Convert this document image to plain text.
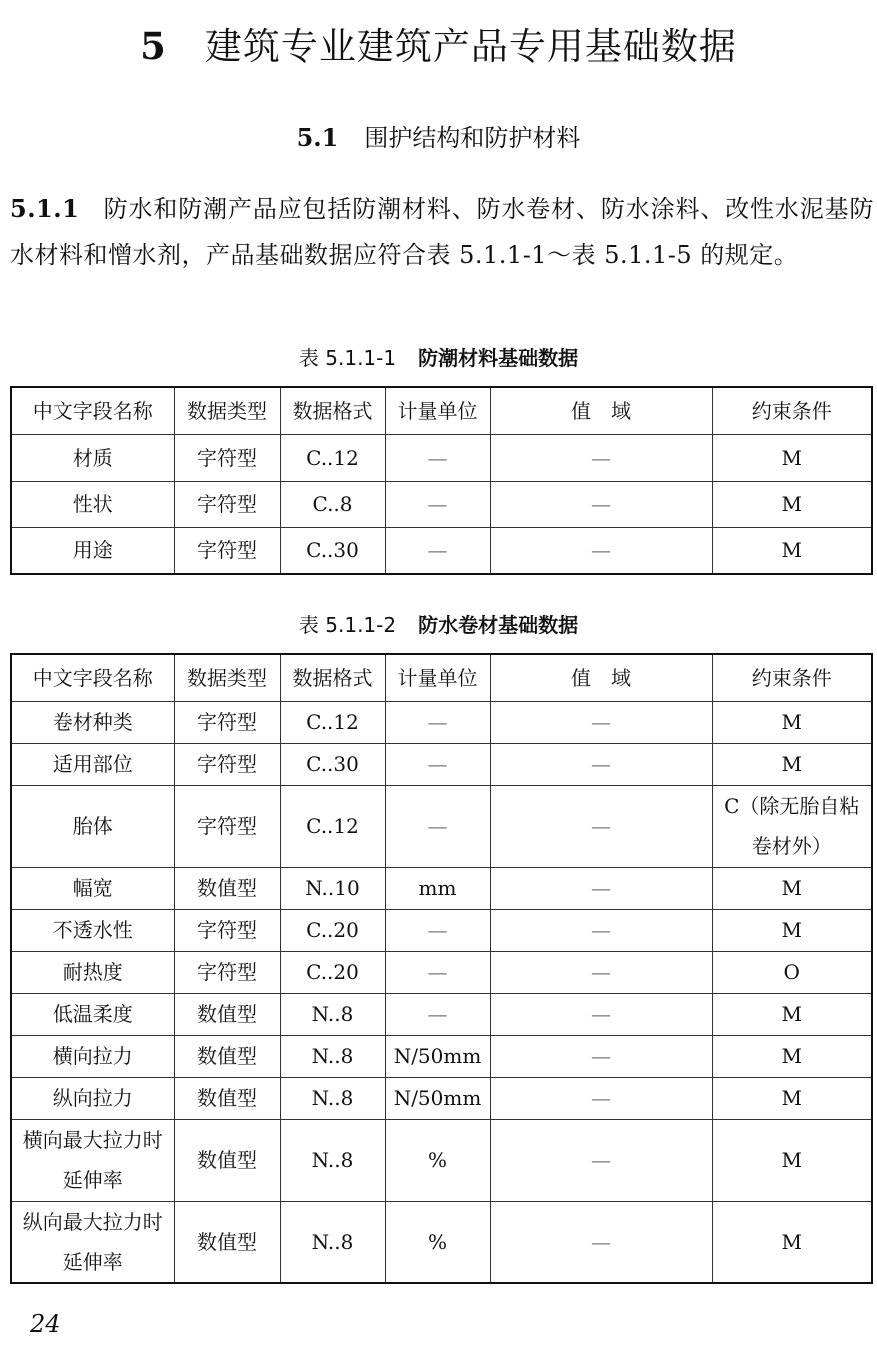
5 建筑专业建筑产品专用基础数据
5.1 围护结构和防护材料
5.1.1 防水和防潮产品应包括防潮材料、防水卷材、防水涂料、改性水泥基防水材料和憎水剂，产品基础数据应符合表 5.1.1-1～表 5.1.1-5 的规定。
表 5.1.1-1 防潮材料基础数据
中文字段名称	数据类型	数据格式	计量单位	值　域	约束条件
材质	字符型	C..12	—	—	M
性状	字符型	C..8	—	—	M
用途	字符型	C..30	—	—	M
表 5.1.1-2 防水卷材基础数据
中文字段名称	数据类型	数据格式	计量单位	值　域	约束条件
卷材种类	字符型	C..12	—	—	M
适用部位	字符型	C..30	—	—	M
胎体	字符型	C..12	—	—	C（除无胎自粘卷材外）
幅宽	数值型	N..10	mm	—	M
不透水性	字符型	C..20	—	—	M
耐热度	字符型	C..20	—	—	O
低温柔度	数值型	N..8	—	—	M
横向拉力	数值型	N..8	N/50mm	—	M
纵向拉力	数值型	N..8	N/50mm	—	M
横向最大拉力时延伸率	数值型	N..8	%	—	M
纵向最大拉力时延伸率	数值型	N..8	%	—	M
24
